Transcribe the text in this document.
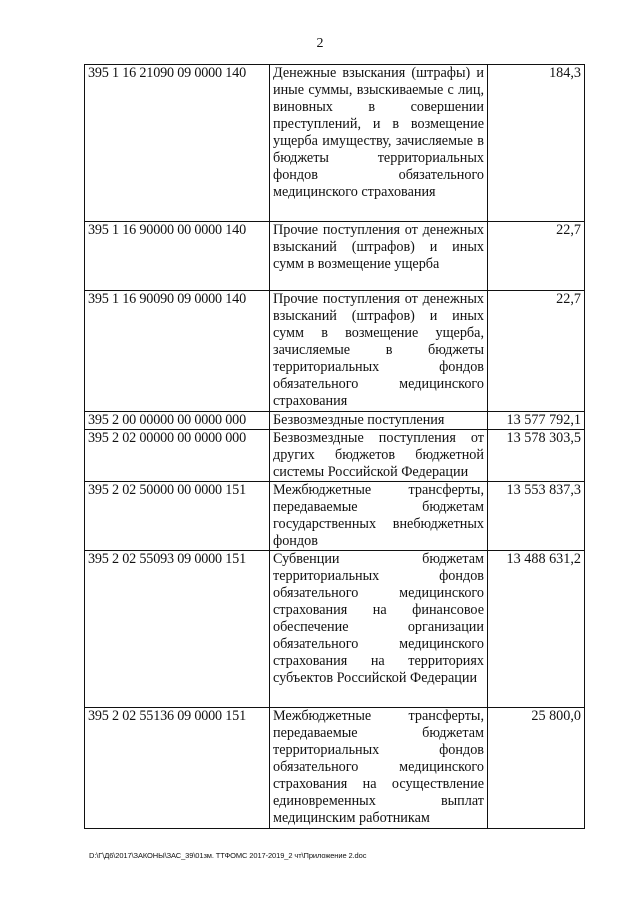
2
395 1 16 21090 09 0000 140	Денежные взыскания (штрафы) и иные суммы, взыскиваемые с лиц, виновных в совершении преступлений, и в возмещение ущерба имуществу, зачисляемые в бюджеты территориальных фондов обязательного медицинского страхования	184,3
395 1 16 90000 00 0000 140	Прочие поступления от денежных взысканий (штрафов) и иных сумм в возмещение ущерба	22,7
395 1 16 90090 09 0000 140	Прочие поступления от денежных взысканий (штрафов) и иных сумм в возмещение ущерба, зачисляемые в бюджеты территориальных фондов обязательного медицинского страхования	22,7
395 2 00 00000 00 0000 000	Безвозмездные поступления	13 577 792,1
395 2 02 00000 00 0000 000	Безвозмездные поступления от других бюджетов бюджетной системы Российской Федерации	13 578 303,5
395 2 02 50000 00 0000 151	Межбюджетные трансферты, передаваемые бюджетам государственных внебюджетных фондов	13 553 837,3
395 2 02 55093 09 0000 151	Субвенции бюджетам территориальных фондов обязательного медицинского страхования на финансовое обеспечение организации обязательного медицинского страхования на территориях субъектов Российской Федерации	13 488 631,2
395 2 02 55136 09 0000 151	Межбюджетные трансферты, передаваемые бюджетам территориальных фондов обязательного медицинского страхования на осуществление единовременных выплат медицинским работникам	25 800,0
D:\Г\Д6\2017\ЗАКОНЫ\ЗАС_39\01зм. ТТФОМС 2017-2019_2 чт\Приложение 2.doc
